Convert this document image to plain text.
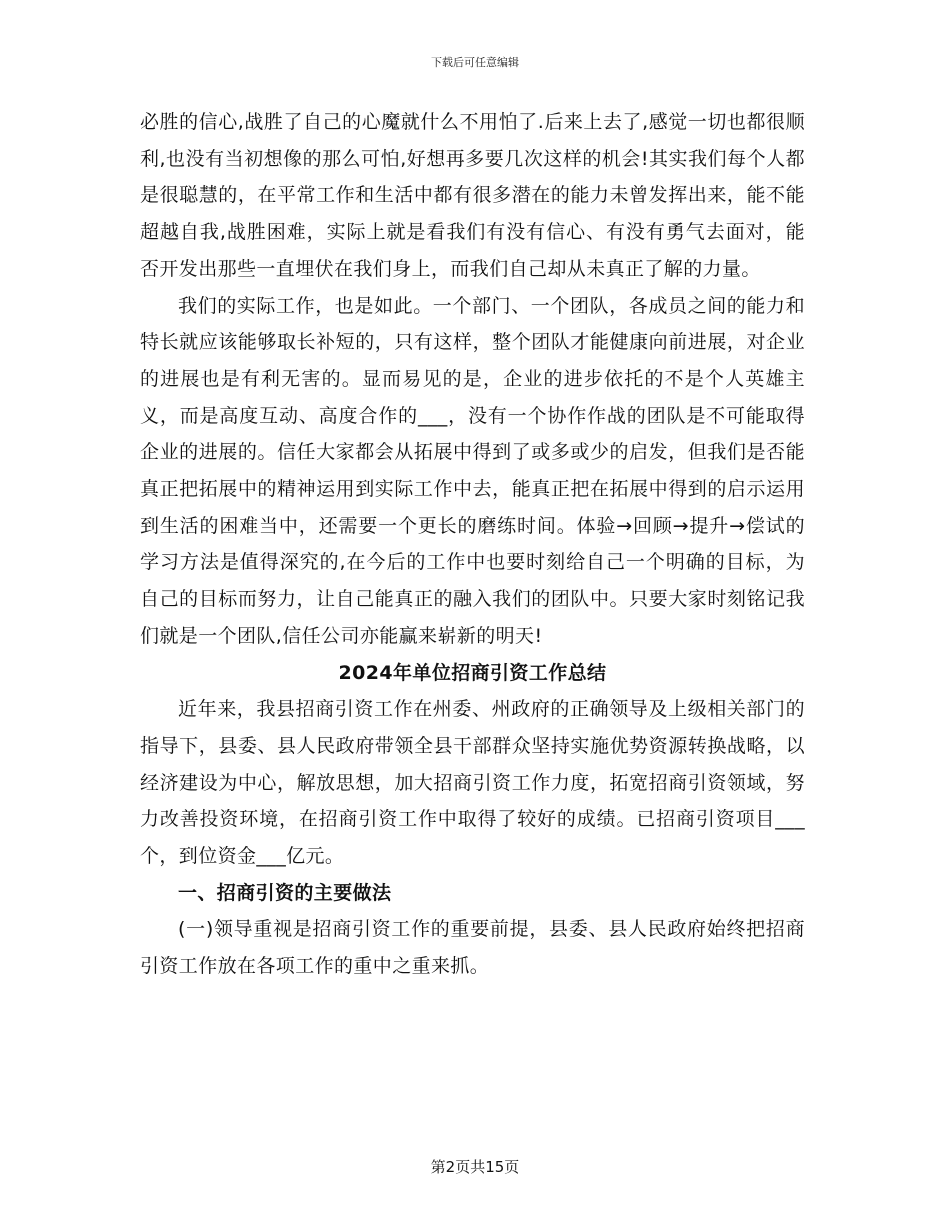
下载后可任意编辑

必胜的信心,战胜了自己的心魔就什么不用怕了.后来上去了,感觉一切也都很顺利,也没有当初想像的那么可怕,好想再多要几次这样的机会!其实我们每个人都是很聪慧的，在平常工作和生活中都有很多潜在的能力未曾发挥出来，能不能超越自我,战胜困难，实际上就是看我们有没有信心、有没有勇气去面对，能否开发出那些一直埋伏在我们身上，而我们自己却从未真正了解的力量。

我们的实际工作，也是如此。一个部门、一个团队，各成员之间的能力和特长就应该能够取长补短的，只有这样，整个团队才能健康向前进展，对企业的进展也是有利无害的。显而易见的是，企业的进步依托的不是个人英雄主义，而是高度互动、高度合作的___，没有一个协作作战的团队是不可能取得企业的进展的。信任大家都会从拓展中得到了或多或少的启发，但我们是否能真正把拓展中的精神运用到实际工作中去，能真正把在拓展中得到的启示运用到生活的困难当中，还需要一个更长的磨练时间。体验→回顾→提升→偿试的学习方法是值得深究的,在今后的工作中也要时刻给自己一个明确的目标，为自己的目标而努力，让自己能真正的融入我们的团队中。只要大家时刻铭记我们就是一个团队,信任公司亦能赢来崭新的明天!

2024年单位招商引资工作总结

近年来，我县招商引资工作在州委、州政府的正确领导及上级相关部门的指导下，县委、县人民政府带领全县干部群众坚持实施优势资源转换战略，以经济建设为中心，解放思想，加大招商引资工作力度，拓宽招商引资领域，努力改善投资环境，在招商引资工作中取得了较好的成绩。已招商引资项目___个，到位资金___亿元。

一、招商引资的主要做法

(一)领导重视是招商引资工作的重要前提，县委、县人民政府始终把招商引资工作放在各项工作的重中之重来抓。

第2页共15页
